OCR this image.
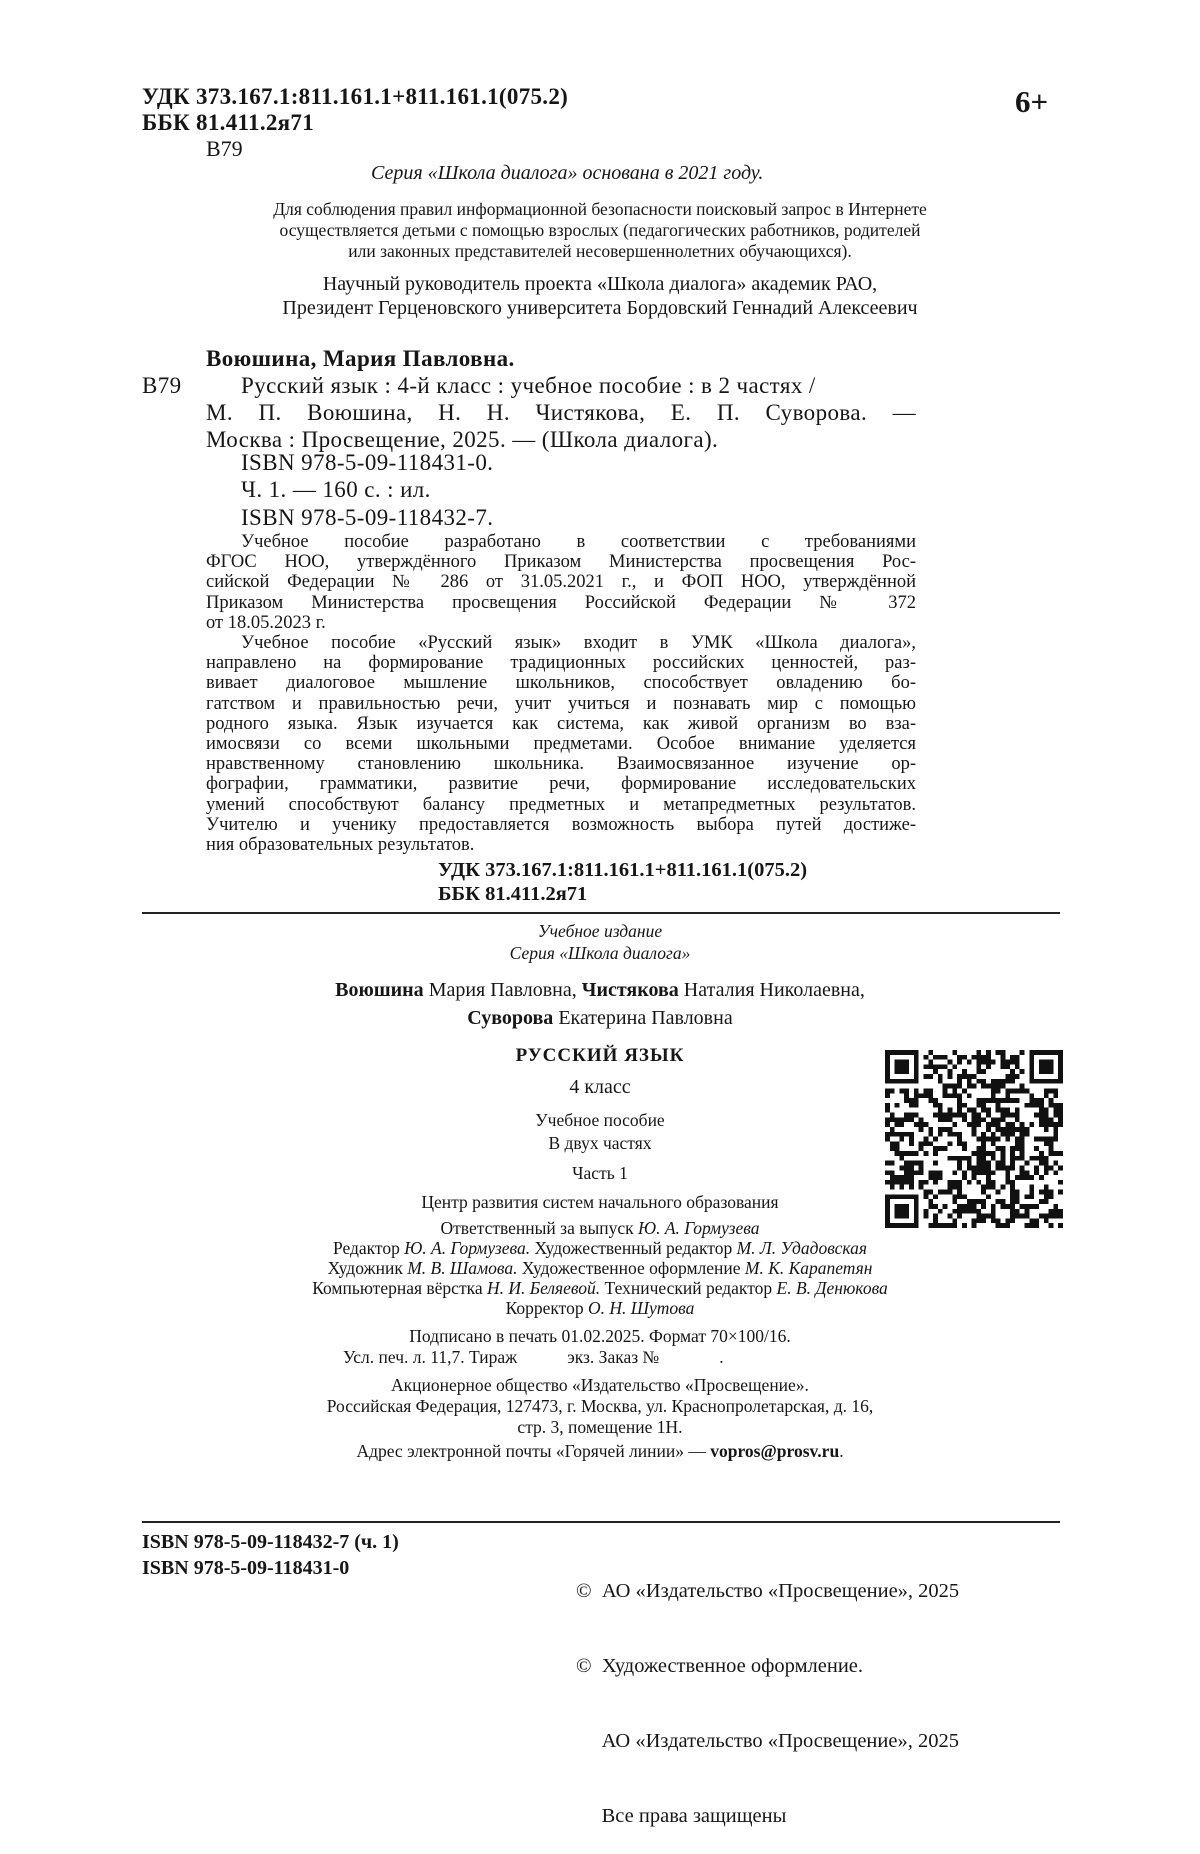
УДК 373.167.1:811.161.1+811.161.1(075.2)
ББК 81.411.2я71
В79
6+
Серия «Школа диалога» основана в 2021 году.
Для соблюдения правил информационной безопасности поисковый запрос в Интернете
осуществляется детьми с помощью взрослых (педагогических работников, родителей
или законных представителей несовершеннолетних обучающихся).
Научный руководитель проекта «Школа диалога» академик РАО,
Президент Герценовского университета Бордовский Геннадий Алексеевич
Воюшина, Мария Павловна.
В79	Русский язык : 4-й класс : учебное пособие : в 2 частях /
М. П. Воюшина, Н. Н. Чистякова, Е. П. Суворова. —
Москва : Просвещение, 2025. — (Школа диалога).
ISBN 978-5-09-118431-0.
Ч. 1. — 160 с. : ил.
ISBN 978-5-09-118432-7.
Учебное пособие разработано в соответствии с требованиями
ФГОС НОО, утверждённого Приказом Министерства просвещения Рос-
сийской Федерации № 286 от 31.05.2021 г., и ФОП НОО, утверждённой
Приказом Министерства просвещения Российской Федерации № 372
от 18.05.2023 г.
Учебное пособие «Русский язык» входит в УМК «Школа диалога»,
направлено на формирование традиционных российских ценностей, раз-
вивает диалоговое мышление школьников, способствует овладению бо-
гатством и правильностью речи, учит учиться и познавать мир с помощью
родного языка. Язык изучается как система, как живой организм во вза-
имосвязи со всеми школьными предметами. Особое внимание уделяется
нравственному становлению школьника. Взаимосвязанное изучение ор-
фографии, грамматики, развитие речи, формирование исследовательских
умений способствуют балансу предметных и метапредметных результатов.
Учителю и ученику предоставляется возможность выбора путей достиже-
ния образовательных результатов.
УДК 373.167.1:811.161.1+811.161.1(075.2)
ББК 81.411.2я71
Учебное издание
Серия «Школа диалога»
Воюшина Мария Павловна, Чистякова Наталия Николаевна,
Суворова Екатерина Павловна
РУССКИЙ ЯЗЫК
4 класс
Учебное пособие
В двух частях
Часть 1
Центр развития систем начального образования
Ответственный за выпуск Ю. А. Гормузева
Редактор Ю. А. Гормузева. Художественный редактор М. Л. Удадовская
Художник М. В. Шамова. Художественное оформление М. К. Карапетян
Компьютерная вёрстка Н. И. Беляевой. Технический редактор Е. В. Денюкова
Корректор О. Н. Шутова
Подписано в печать 01.02.2025. Формат 70×100/16.
Усл. печ. л. 11,7. Тираж	экз. Заказ №	.
Акционерное общество «Издательство «Просвещение».
Российская Федерация, 127473, г. Москва, ул. Краснопролетарская, д. 16,
стр. 3, помещение 1Н.
Адрес электронной почты «Горячей линии» — vopros@prosv.ru.
ISBN 978-5-09-118432-7 (ч. 1)
ISBN 978-5-09-118431-0

©  АО «Издательство «Просвещение», 2025

©  Художественное оформление.

АО «Издательство «Просвещение», 2025

Все права защищены
